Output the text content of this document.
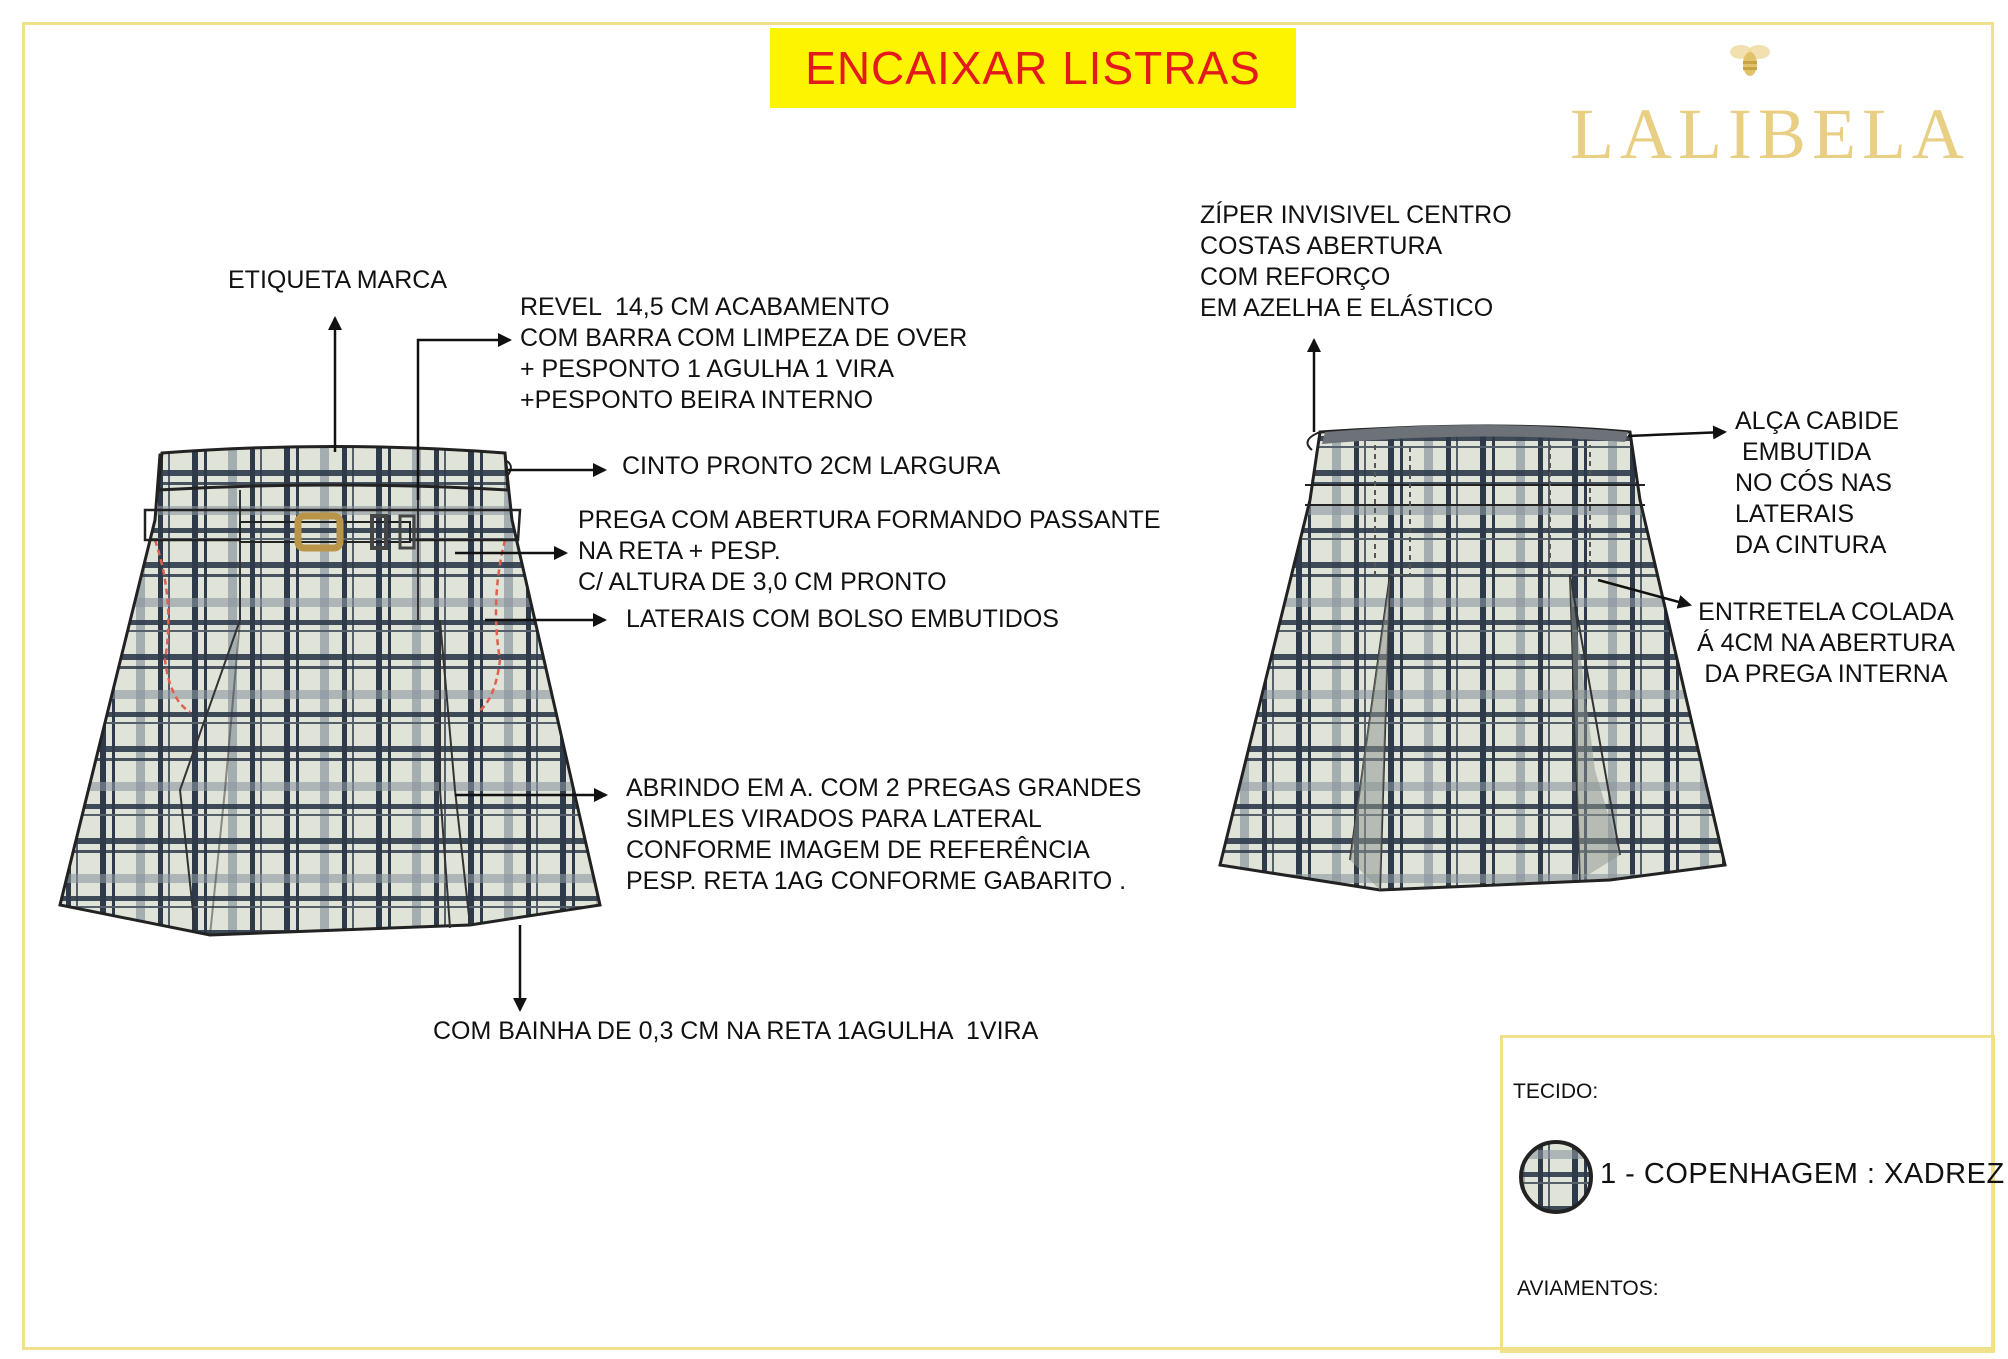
ENCAIXAR LISTRAS
LALIBELA
ETIQUETA MARCA
REVEL  14,5 CM ACABAMENTO
COM BARRA COM LIMPEZA DE OVER
+ PESPONTO 1 AGULHA 1 VIRA
+PESPONTO BEIRA INTERNO
CINTO PRONTO 2CM LARGURA
PREGA COM ABERTURA FORMANDO PASSANTE
NA RETA + PESP.
C/ ALTURA DE 3,0 CM PRONTO
LATERAIS COM BOLSO EMBUTIDOS
ABRINDO EM A. COM 2 PREGAS GRANDES
SIMPLES VIRADOS PARA LATERAL
CONFORME IMAGEM DE REFERÊNCIA
PESP. RETA 1AG CONFORME GABARITO .
COM BAINHA DE 0,3 CM NA RETA 1AGULHA  1VIRA
ZÍPER INVISIVEL CENTRO
COSTAS ABERTURA
COM REFORÇO
EM AZELHA E ELÁSTICO
ALÇA CABIDE
EMBUTIDA
NO CÓS NAS
LATERAIS
DA CINTURA
ENTRETELA COLADA
Á 4CM NA ABERTURA
DA PREGA INTERNA
TECIDO:
1 - COPENHAGEM : XADREZ
AVIAMENTOS:
